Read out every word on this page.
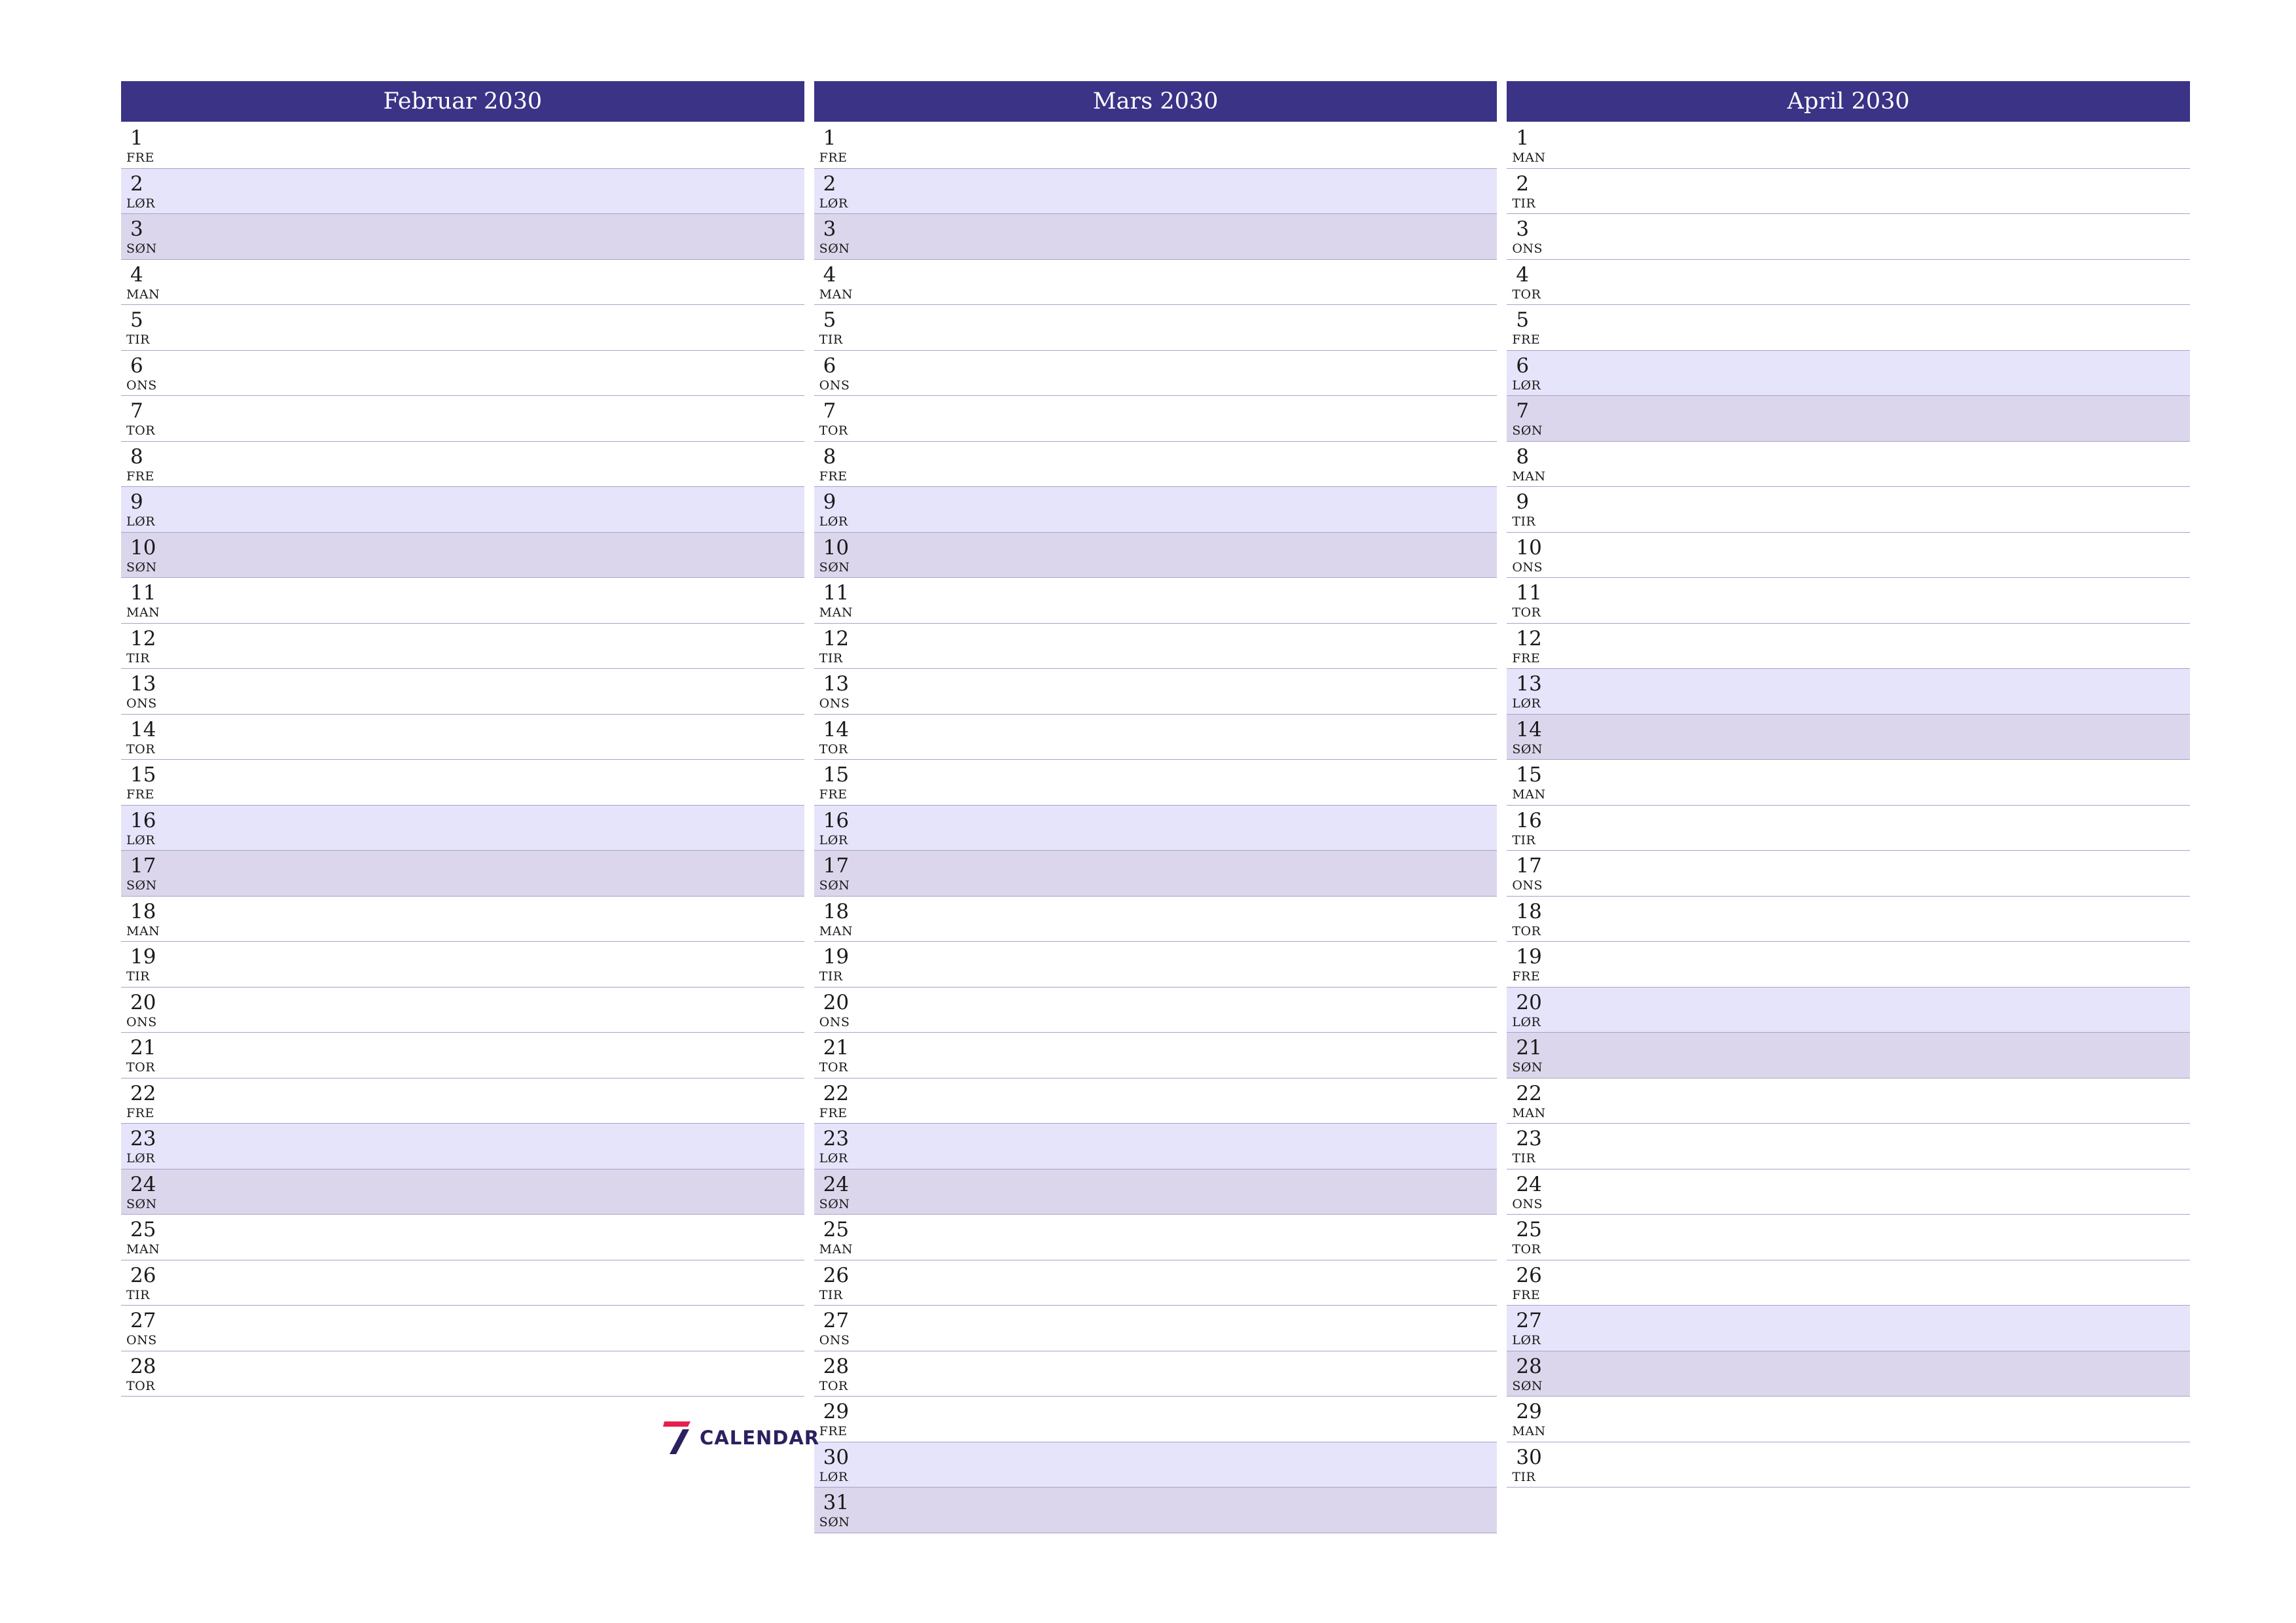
Februar 2030
1
FRE
2
LØR
3
SØN
4
MAN
5
TIR
6
ONS
7
TOR
8
FRE
9
LØR
10
SØN
11
MAN
12
TIR
13
ONS
14
TOR
15
FRE
16
LØR
17
SØN
18
MAN
19
TIR
20
ONS
21
TOR
22
FRE
23
LØR
24
SØN
25
MAN
26
TIR
27
ONS
28
TOR
Mars 2030
1
FRE
2
LØR
3
SØN
4
MAN
5
TIR
6
ONS
7
TOR
8
FRE
9
LØR
10
SØN
11
MAN
12
TIR
13
ONS
14
TOR
15
FRE
16
LØR
17
SØN
18
MAN
19
TIR
20
ONS
21
TOR
22
FRE
23
LØR
24
SØN
25
MAN
26
TIR
27
ONS
28
TOR
29
FRE
30
LØR
31
SØN
April 2030
1
MAN
2
TIR
3
ONS
4
TOR
5
FRE
6
LØR
7
SØN
8
MAN
9
TIR
10
ONS
11
TOR
12
FRE
13
LØR
14
SØN
15
MAN
16
TIR
17
ONS
18
TOR
19
FRE
20
LØR
21
SØN
22
MAN
23
TIR
24
ONS
25
TOR
26
FRE
27
LØR
28
SØN
29
MAN
30
TIR
CALENDAR
